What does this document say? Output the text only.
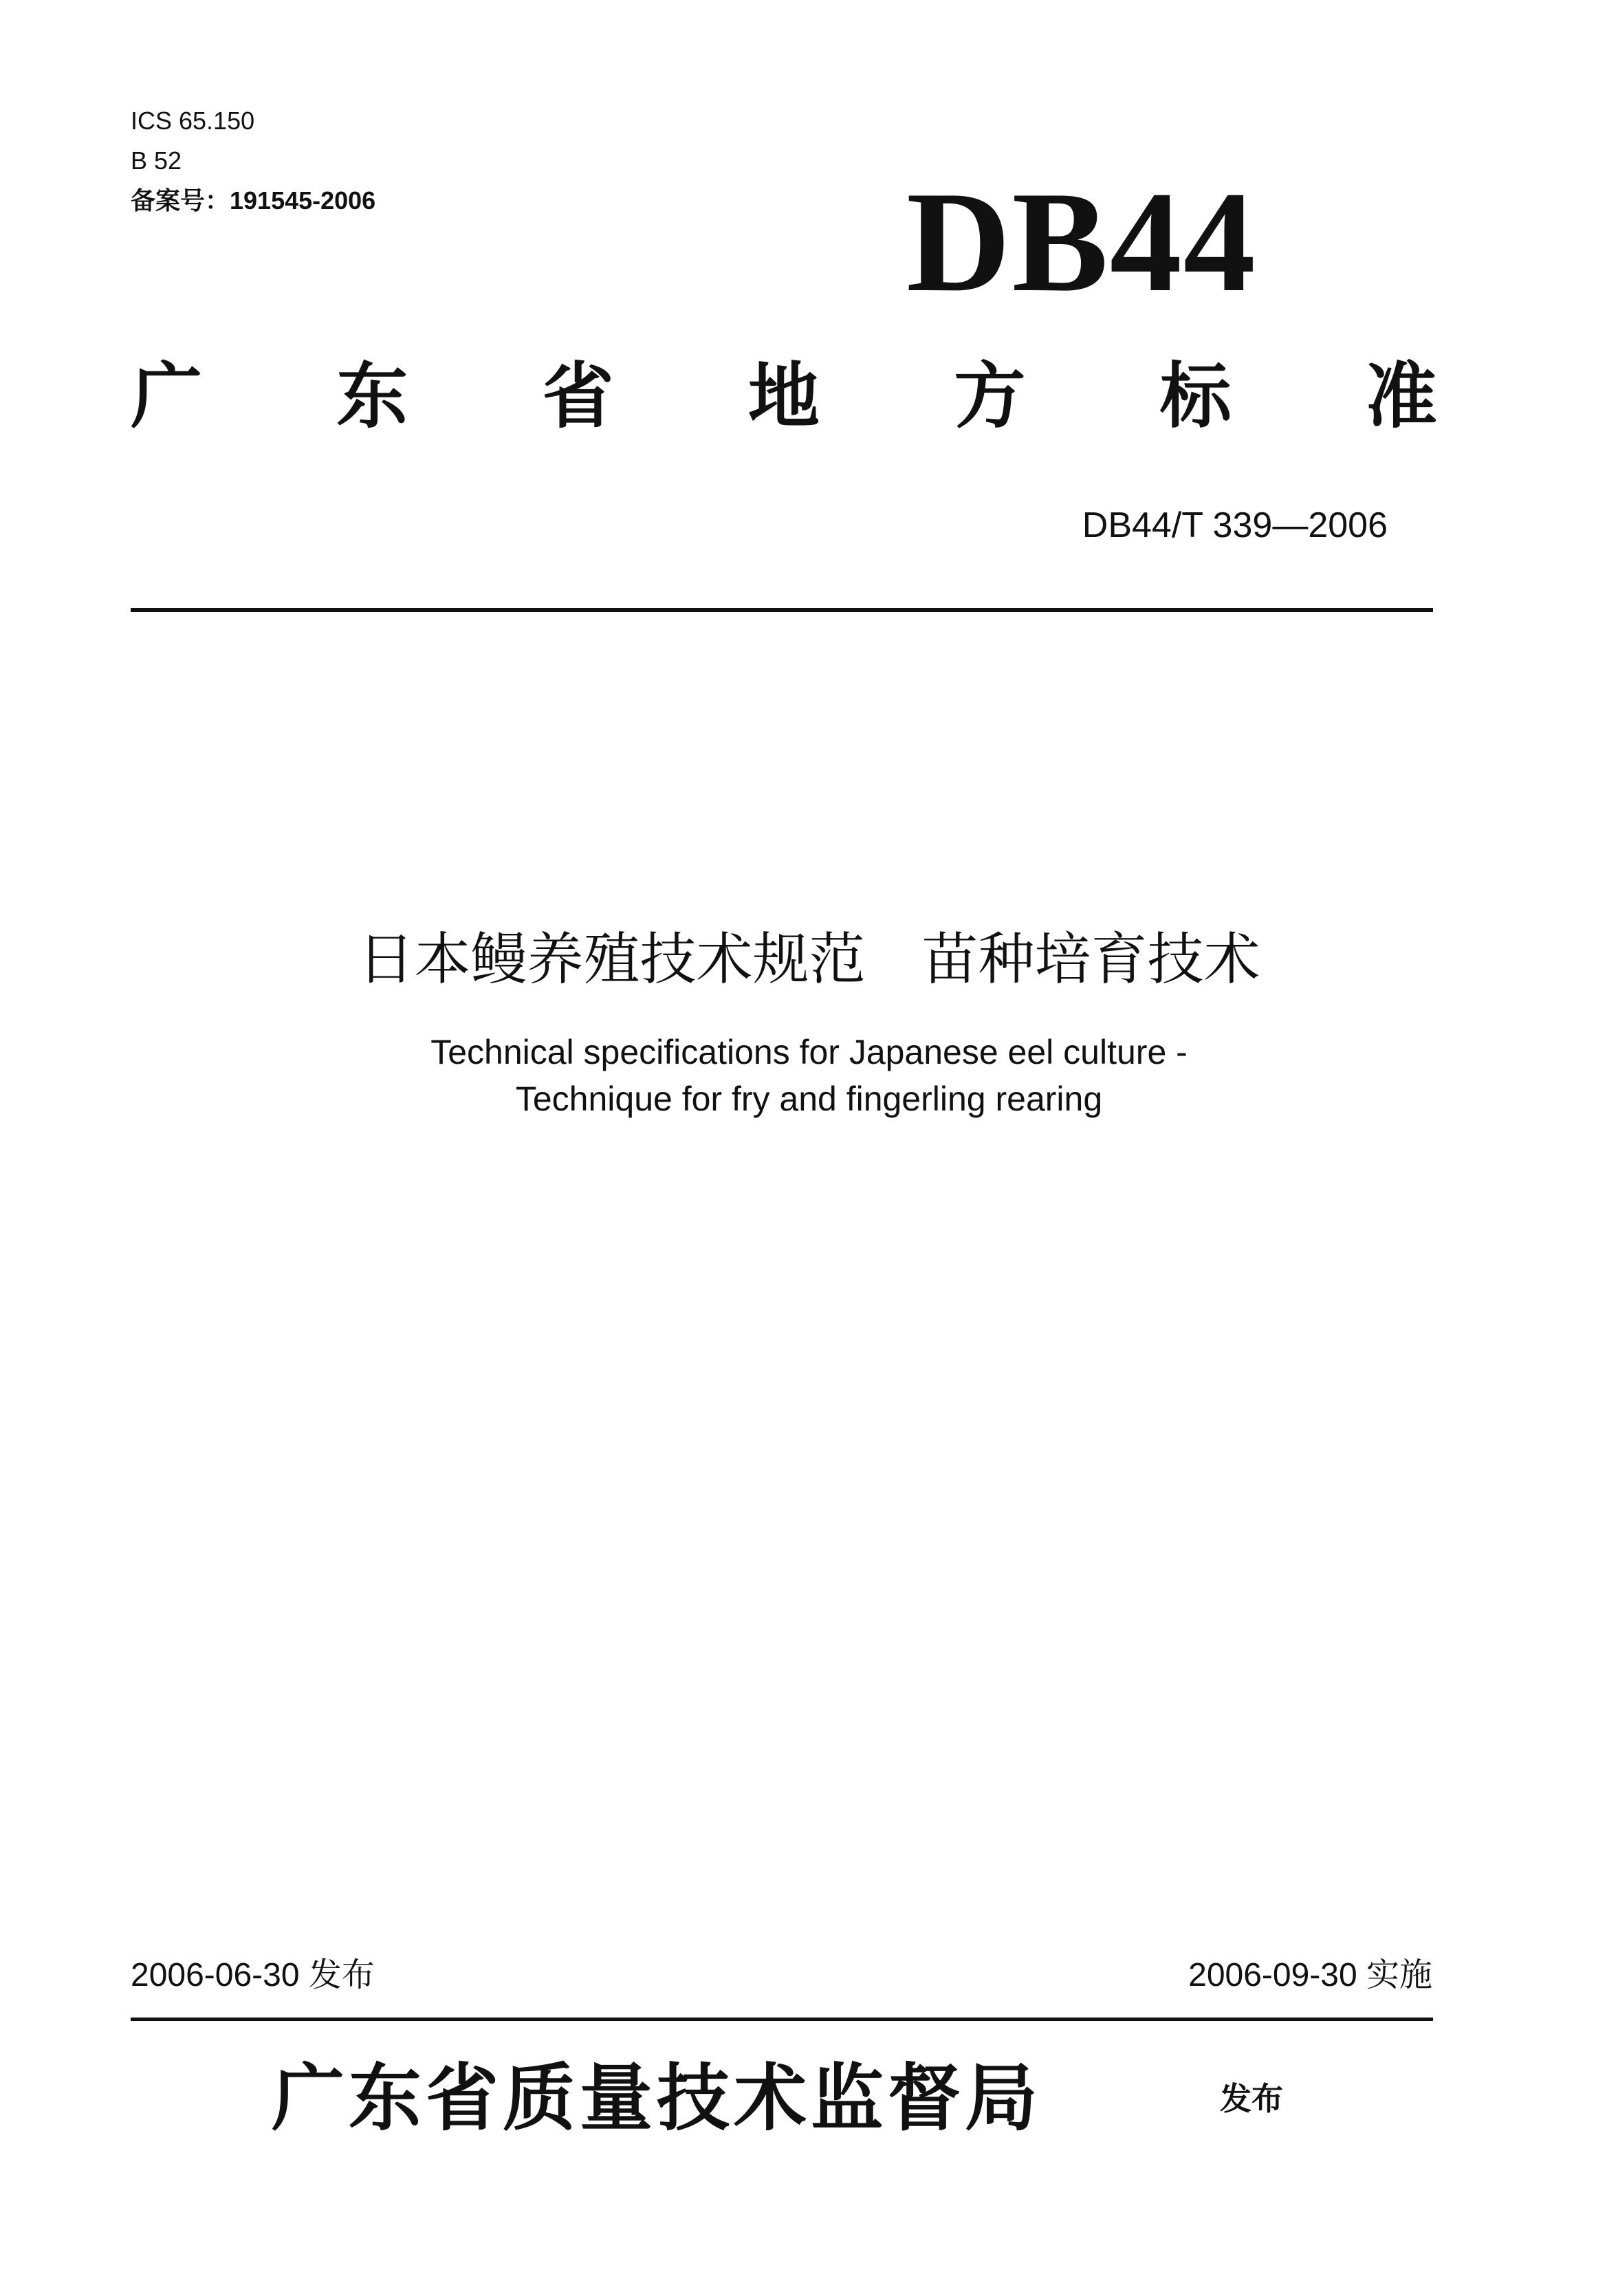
ICS 65.150
B 52
备案号：191545-2006	DB44
广 东 省 地 方 标 准
DB44/T 339—2006
日本鳗养殖技术规范　苗种培育技术
Technical specifications for Japanese eel culture -
Technique for fry and fingerling rearing
2006-06-30 发布	2006-09-30 实施
广东省质量技术监督局	发布
